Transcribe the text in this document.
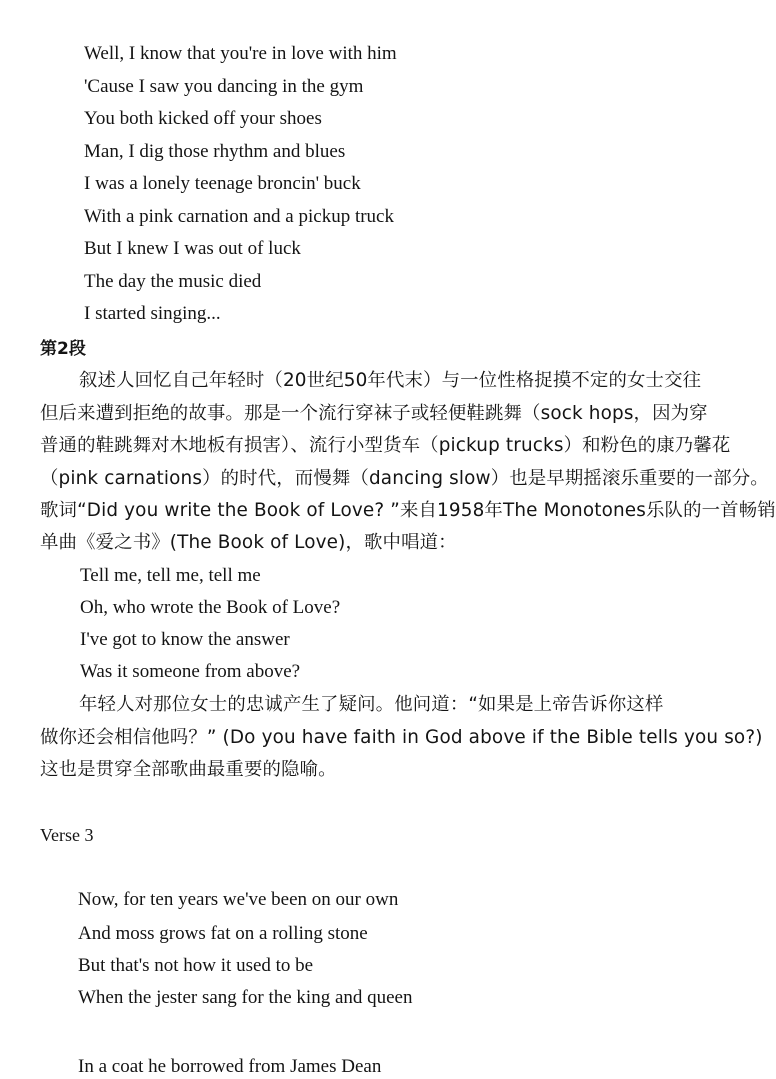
Well, I know that you're in love with him
'Cause I saw you dancing in the gym
You both kicked off your shoes
Man, I dig those rhythm and blues
I was a lonely teenage broncin' buck
With a pink carnation and a pickup truck
But I knew I was out of luck
The day the music died
I started singing...
第2段
叙述人回忆自己年轻时（20世纪50年代末）与一位性格捉摸不定的女士交往
但后来遭到拒绝的故事。那是一个流行穿袜子或轻便鞋跳舞（sock hops，因为穿
普通的鞋跳舞对木地板有损害）、流行小型货车（pickup trucks）和粉色的康乃馨花
（pink carnations）的时代，而慢舞（dancing slow）也是早期摇滚乐重要的一部分。
歌词“Did you write the Book of Love? ”来自1958年The Monotones乐队的一首畅销
单曲《爱之书》(The Book of Love)，歌中唱道：
Tell me, tell me, tell me
Oh, who wrote the Book of Love?
I've got to know the answer
Was it someone from above?
年轻人对那位女士的忠诚产生了疑问。他问道：“如果是上帝告诉你这样
做你还会相信他吗？” (Do you have faith in God above if the Bible tells you so?)
这也是贯穿全部歌曲最重要的隐喻。
Verse 3
Now, for ten years we've been on our own
And moss grows fat on a rolling stone
But that's not how it used to be
When the jester sang for the king and queen
In a coat he borrowed from James Dean
